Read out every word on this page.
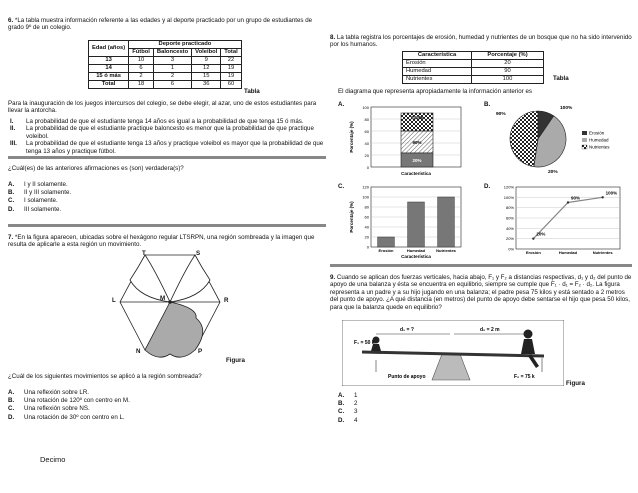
6. *La tabla muestra información referente a las edades y al deporte practicado por un grupo de estudiantes de grado 9º de un colegio.
Edad (años)	Deporte practicado			
	Fútbol	Baloncesto	Voleibol	Total
13	10	3	9	22
14	6	1	12	19
15 ó más	2	2	15	19
Total	18	6	36	60
Tabla
Para la inauguración de los juegos intercursos del colegio, se debe elegir, al azar, uno de estos estudiantes para llevar la antorcha.
I.	La probabilidad de que el estudiante tenga 14 años es igual a la probabilidad de que tenga 15 ó más.
II.	La probabilidad de que el estudiante practique baloncesto es menor que la probabilidad de que practique voleibol.
III.	La probabilidad de que el estudiante tenga 13 años y practique voleibol es mayor que la probabilidad de que tenga 13 años y practique fútbol.
¿Cuál(es) de las anteriores afirmaciones es (son) verdadera(s)?
A. I y II solamente.
B. II y III solamente.
C. I solamente.
D. III solamente.
7. *En la figura aparecen, ubicadas sobre el hexágono regular LTSRPN, una región sombreada y la imagen que resulta de aplicarle a esta región un movimiento.
T	S
L	M	R
N	P
Figura
¿Cuál de los siguientes movimientos se aplicó a la región sombreada?
A. Una reflexión sobre LR.
B. Una rotación de 120º con centro en M.
C. Una reflexión sobre NS.
D. Una rotación de 30º con centro en L.
Decimo
8. La tabla registra los porcentajes de erosión, humedad y nutrientes de un bosque que no ha sido intervenido por los humanos.
Característica	Porcentaje (%)
Erosión	20
Humedad	90
Nutrientes	100	Tabla
El diagrama que representa apropiadamente la información anterior es
A.	100
80
60
40
20
0
100%
90%
20%
Característica
Porcentaje (%)
B.
90%
100%
20%
Erosión
Humedad
Nutrientes
C.	120
100
80
60
40
20
0
Erosión	Humedad	Nutrientes
Característica
Porcentaje (%)
D.	120%
100%
80%
60%
40%
20%
0%
20%
90%
100%
Erosión	Humedad	Nutrientes
9. Cuando se aplican dos fuerzas verticales, hacia abajo, F₁ y F₂ a distancias respectivas, d₁ y d₂ del punto de apoyo de una balanza y ésta se encuentra en equilibrio, siempre se cumple que F₁ · d₁ = F₂ · d₂. La figura representa a un padre y a su hijo jugando en una balanza; el padre pesa 75 kilos y está sentado a 2 metros del punto de apoyo. ¿A qué distancia (en metros) del punto de apoyo debe sentarse el hijo que pesa 50 kilos, para que la balanza quede en equilibrio?
d₁ = ?	d₂ = 2 m
F₁ = 50 k
F₂ = 75 k
Punto de apoyo
Figura
A. 1
B. 2
C. 3
D. 4
